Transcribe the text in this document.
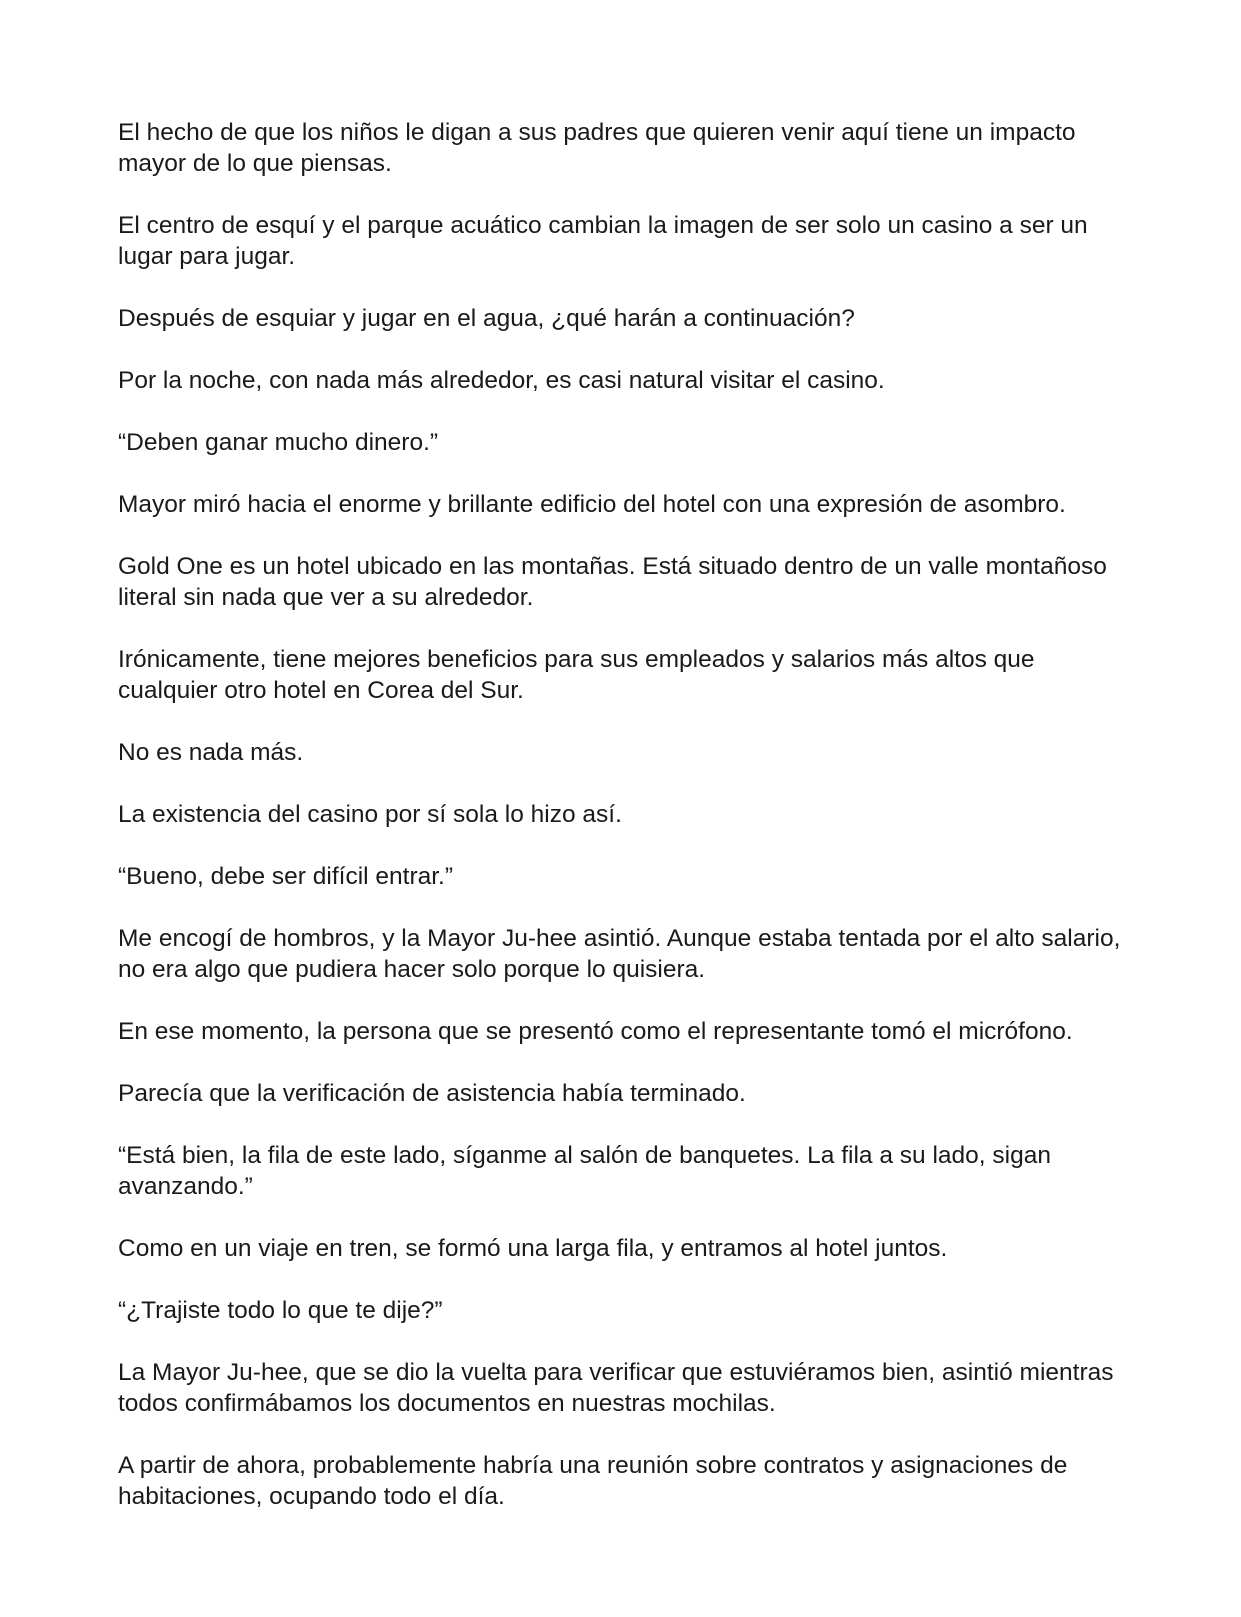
El hecho de que los niños le digan a sus padres que quieren venir aquí tiene un impacto mayor de lo que piensas.

El centro de esquí y el parque acuático cambian la imagen de ser solo un casino a ser un lugar para jugar.

Después de esquiar y jugar en el agua, ¿qué harán a continuación?

Por la noche, con nada más alrededor, es casi natural visitar el casino.

“Deben ganar mucho dinero.”

Mayor miró hacia el enorme y brillante edificio del hotel con una expresión de asombro.

Gold One es un hotel ubicado en las montañas. Está situado dentro de un valle montañoso literal sin nada que ver a su alrededor.

Irónicamente, tiene mejores beneficios para sus empleados y salarios más altos que cualquier otro hotel en Corea del Sur.

No es nada más.

La existencia del casino por sí sola lo hizo así.

“Bueno, debe ser difícil entrar.”

Me encogí de hombros, y la Mayor Ju-hee asintió. Aunque estaba tentada por el alto salario, no era algo que pudiera hacer solo porque lo quisiera.

En ese momento, la persona que se presentó como el representante tomó el micrófono.

Parecía que la verificación de asistencia había terminado.

“Está bien, la fila de este lado, síganme al salón de banquetes. La fila a su lado, sigan avanzando.”

Como en un viaje en tren, se formó una larga fila, y entramos al hotel juntos.

“¿Trajiste todo lo que te dije?”

La Mayor Ju-hee, que se dio la vuelta para verificar que estuviéramos bien, asintió mientras todos confirmábamos los documentos en nuestras mochilas.

A partir de ahora, probablemente habría una reunión sobre contratos y asignaciones de habitaciones, ocupando todo el día.
